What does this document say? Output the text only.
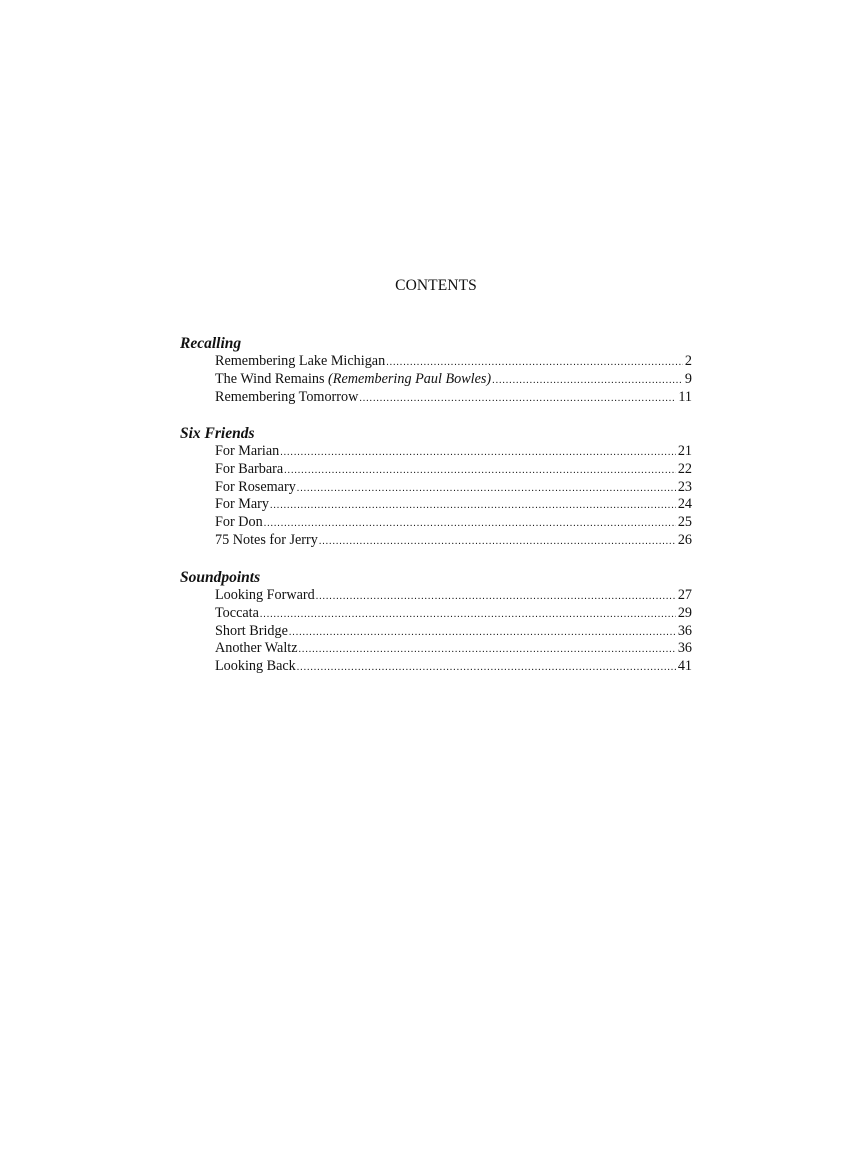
CONTENTS
Recalling
Remembering Lake Michigan .....	2
The Wind Remains (Remembering Paul Bowles) .....	9
Remembering Tomorrow .....	11
Six Friends
For Marian .....	21
For Barbara .....	22
For Rosemary .....	23
For Mary .....	24
For Don .....	25
75 Notes for Jerry .....	26
Soundpoints
Looking Forward .....	27
Toccata .....	29
Short Bridge .....	36
Another Waltz .....	36
Looking Back .....	41
